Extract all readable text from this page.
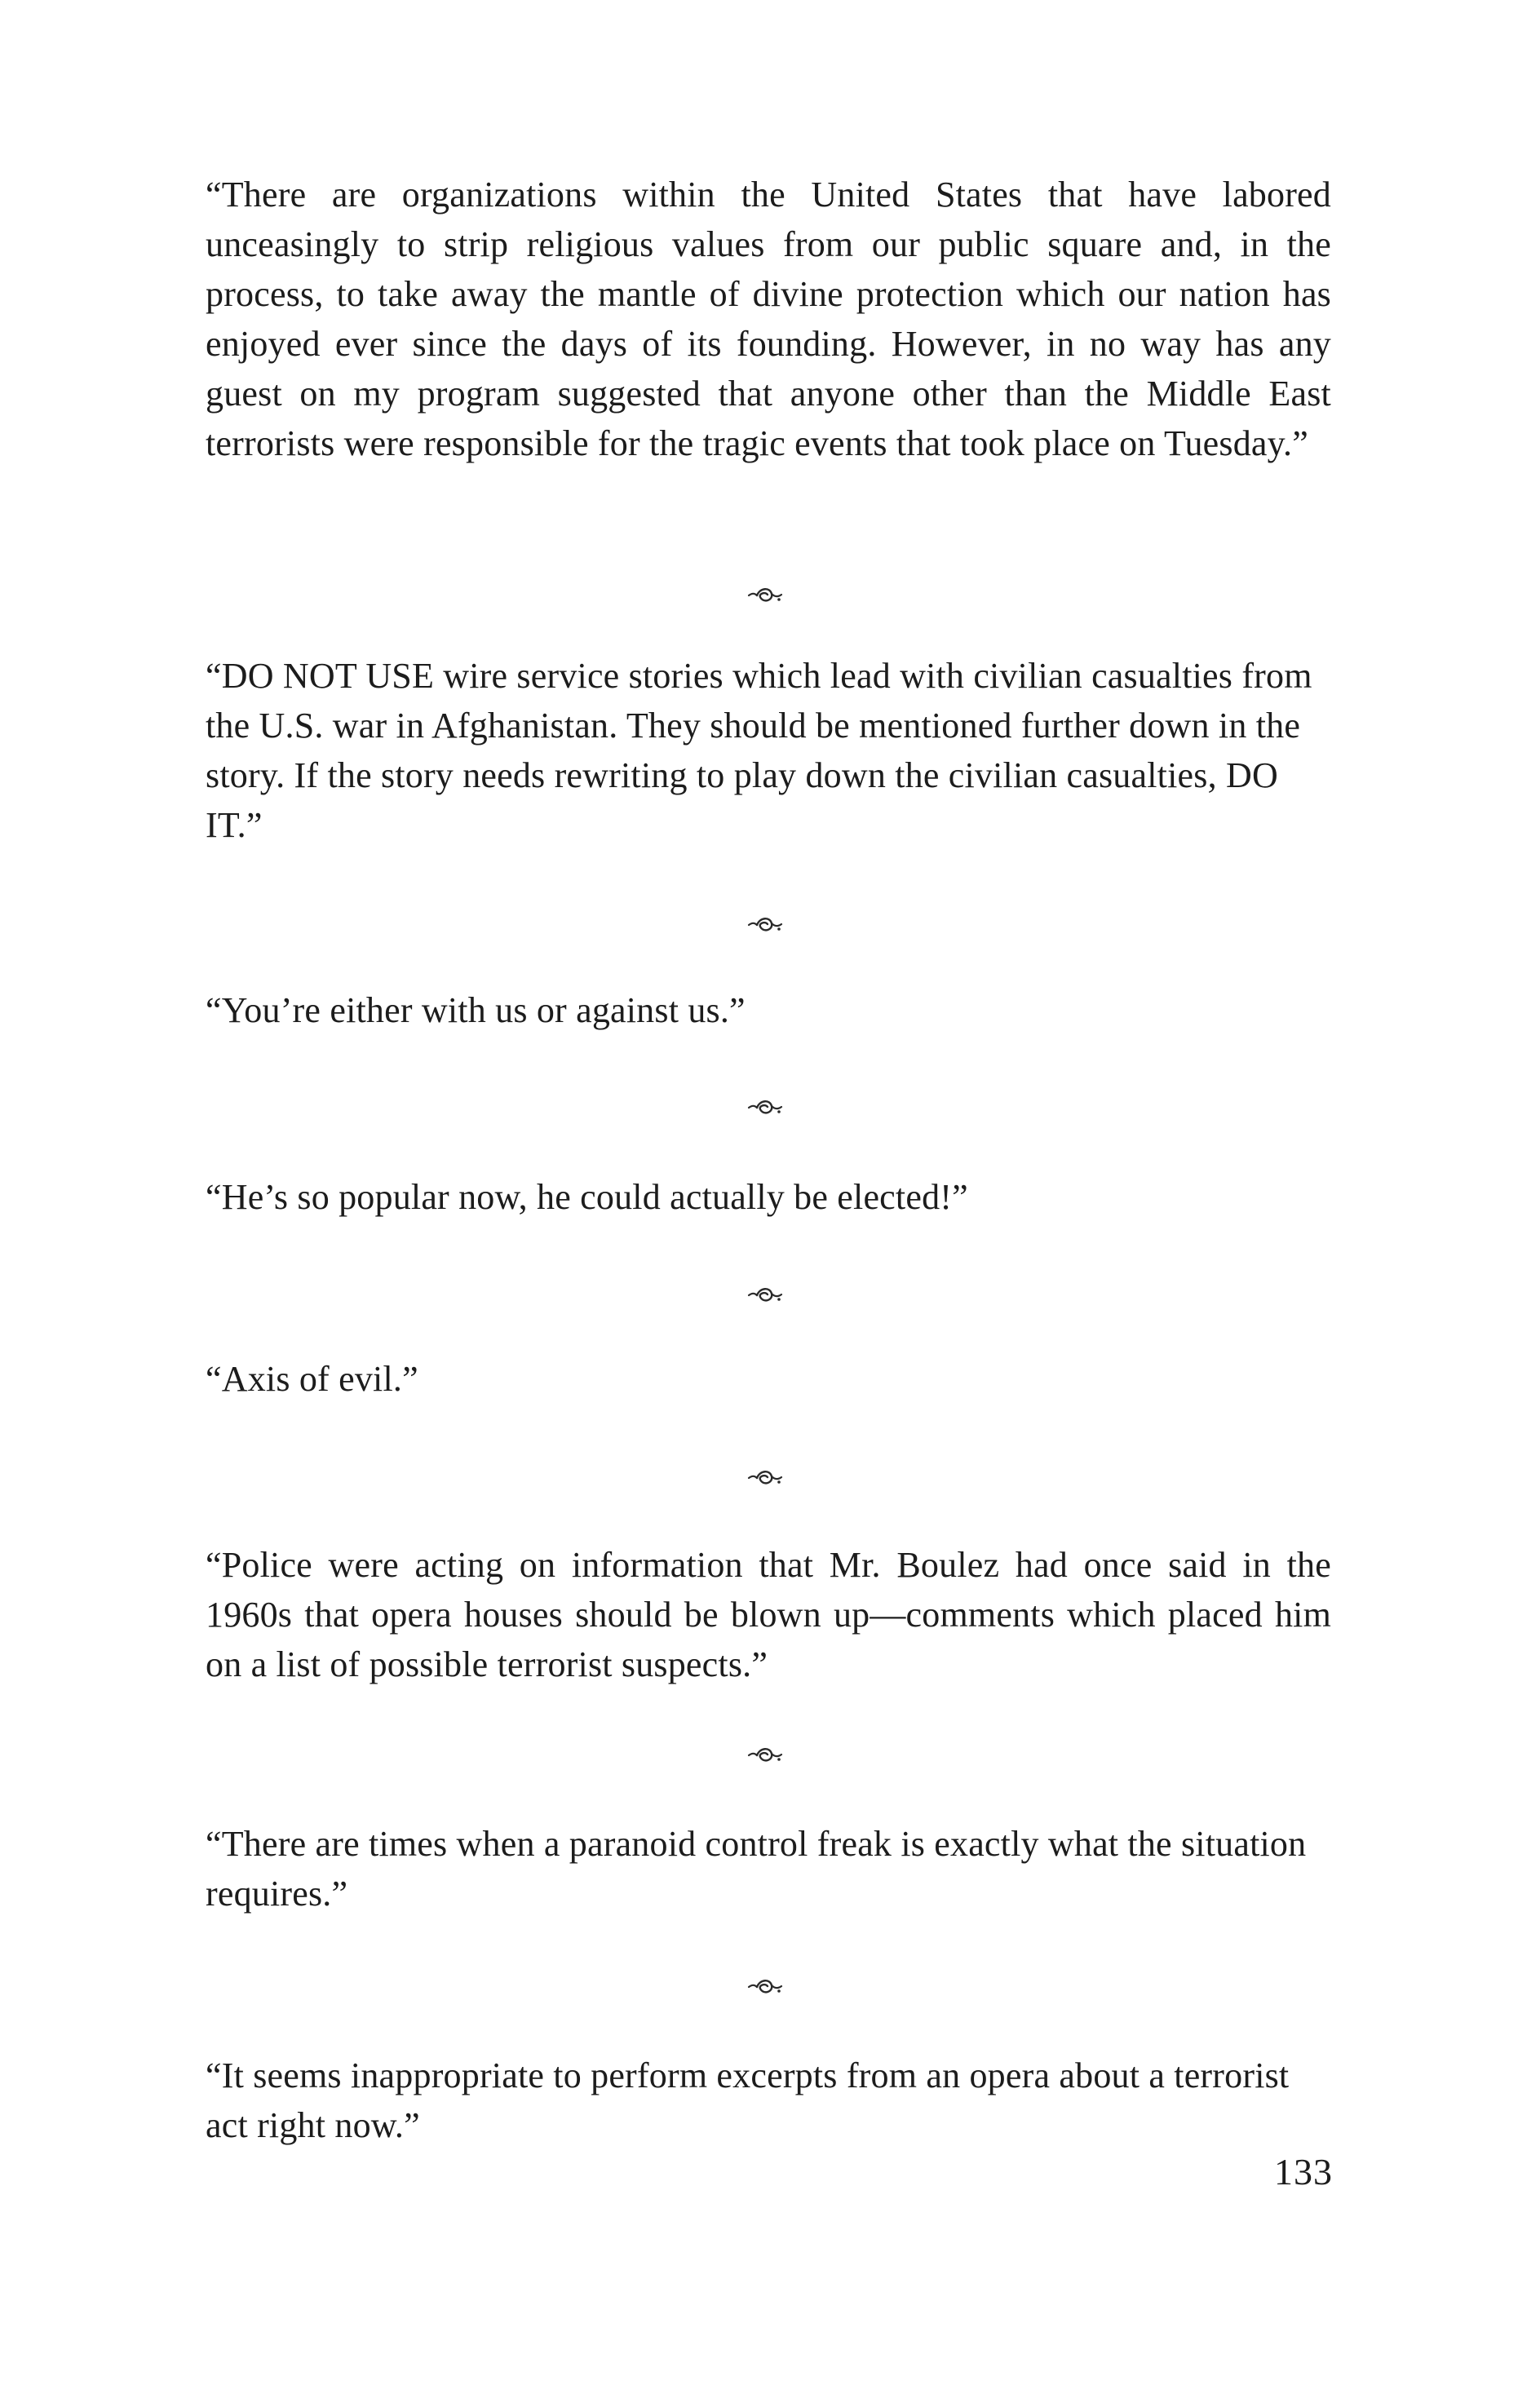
“There are organizations within the United States that have labored unceasingly to strip religious values from our public square and, in the process, to take away the mantle of divine protection which our nation has enjoyed ever since the days of its founding. However, in no way has any guest on my program suggested that anyone other than the Middle East terrorists were responsible for the tragic events that took place on Tuesday.”

“DO NOT USE wire service stories which lead with civilian casualties from the U.S. war in Afghanistan. They should be mentioned further down in the story. If the story needs rewriting to play down the civilian casualties, DO IT.”

“You’re either with us or against us.”

“He’s so popular now, he could actually be elected!”

“Axis of evil.”

“Police were acting on information that Mr. Boulez had once said in the 1960s that opera houses should be blown up—comments which placed him on a list of possible terrorist suspects.”

“There are times when a paranoid control freak is exactly what the situation requires.”

“It seems inappropriate to perform excerpts from an opera about a terrorist act right now.”

133
